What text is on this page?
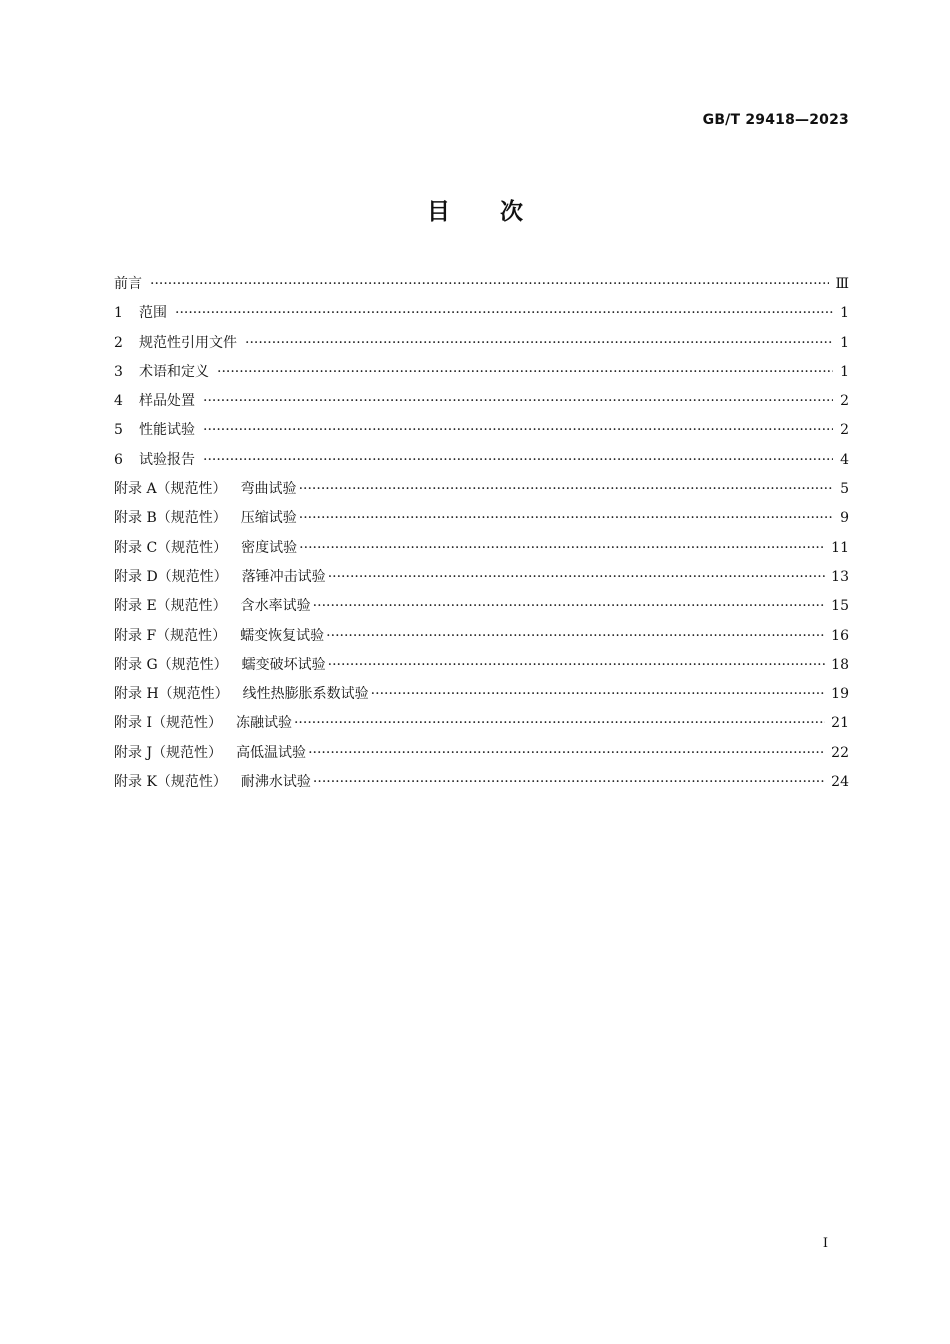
GB/T 29418—2023
目次
前言 ·····	Ⅲ
1 范围 ·····	1
2 规范性引用文件 ·····	1
3 术语和定义 ·····	1
4 样品处置 ·····	2
5 性能试验 ·····	2
6 试验报告 ·····	4
附录 A（规范性） 弯曲试验 ·····	5
附录 B（规范性） 压缩试验 ·····	9
附录 C（规范性） 密度试验 ·····	11
附录 D（规范性） 落锤冲击试验 ·····	13
附录 E（规范性） 含水率试验 ·····	15
附录 F（规范性） 蠕变恢复试验 ·····	16
附录 G（规范性） 蠕变破坏试验 ·····	18
附录 H（规范性） 线性热膨胀系数试验 ·····	19
附录 I（规范性） 冻融试验 ·····	21
附录 J（规范性） 高低温试验 ·····	22
附录 K（规范性） 耐沸水试验 ·····	24
I
